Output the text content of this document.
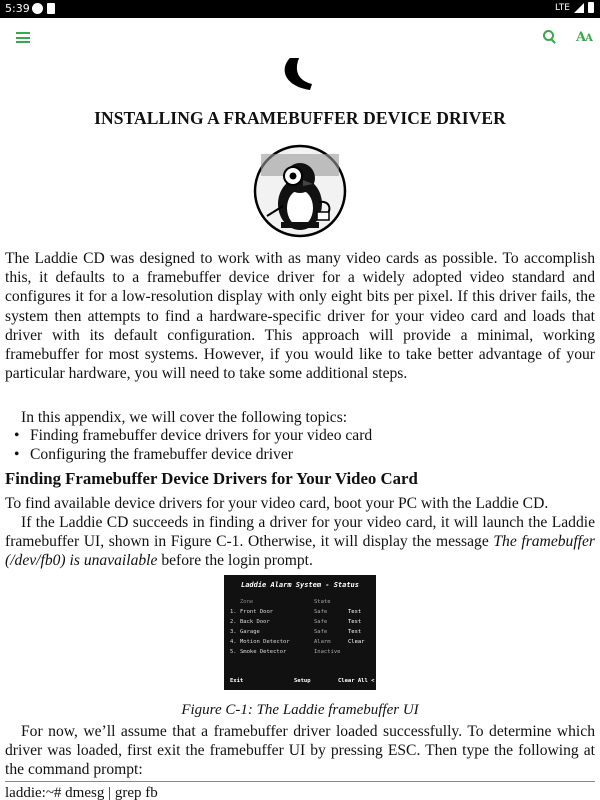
5:39	LTE
AA
INSTALLING A FRAMEBUFFER DEVICE DRIVER

The Laddie CD was designed to work with as many video cards as possible. To accomplish this, it defaults to a framebuffer device driver for a widely adopted video standard and configures it for a low-resolution display with only eight bits per pixel. If this driver fails, the system then attempts to find a hardware-specific driver for your video card and loads that driver with its default configuration. This approach will provide a minimal, working framebuffer for most systems. However, if you would like to take better advantage of your particular hardware, you will need to take some additional steps.

In this appendix, we will cover the following topics:

• Finding framebuffer device drivers for your video card
• Configuring the framebuffer device driver
Finding Framebuffer Device Drivers for Your Video Card

To find available device drivers for your video card, boot your PC with the Laddie CD.

If the Laddie CD succeeds in finding a driver for your video card, it will launch the Laddie framebuffer UI, shown in Figure C-1. Otherwise, it will display the message The framebuffer (/dev/fb0) is unavailable before the login prompt.

Laddie Alarm System - Status
Zone	State
1. Front Door	Safe	Test
2. Back Door	Safe	Test
3. Garage	Safe	Test
4. Motion Detector	Alarm	Clear
5. Smoke Detector	Inactive
Exit	Setup	Clear All <
Figure C-1: The Laddie framebuffer UI

For now, we’ll assume that a framebuffer driver loaded successfully. To determine which driver was loaded, first exit the framebuffer UI by pressing ESC. Then type the following at the command prompt:

laddie:~# dmesg | grep fb
